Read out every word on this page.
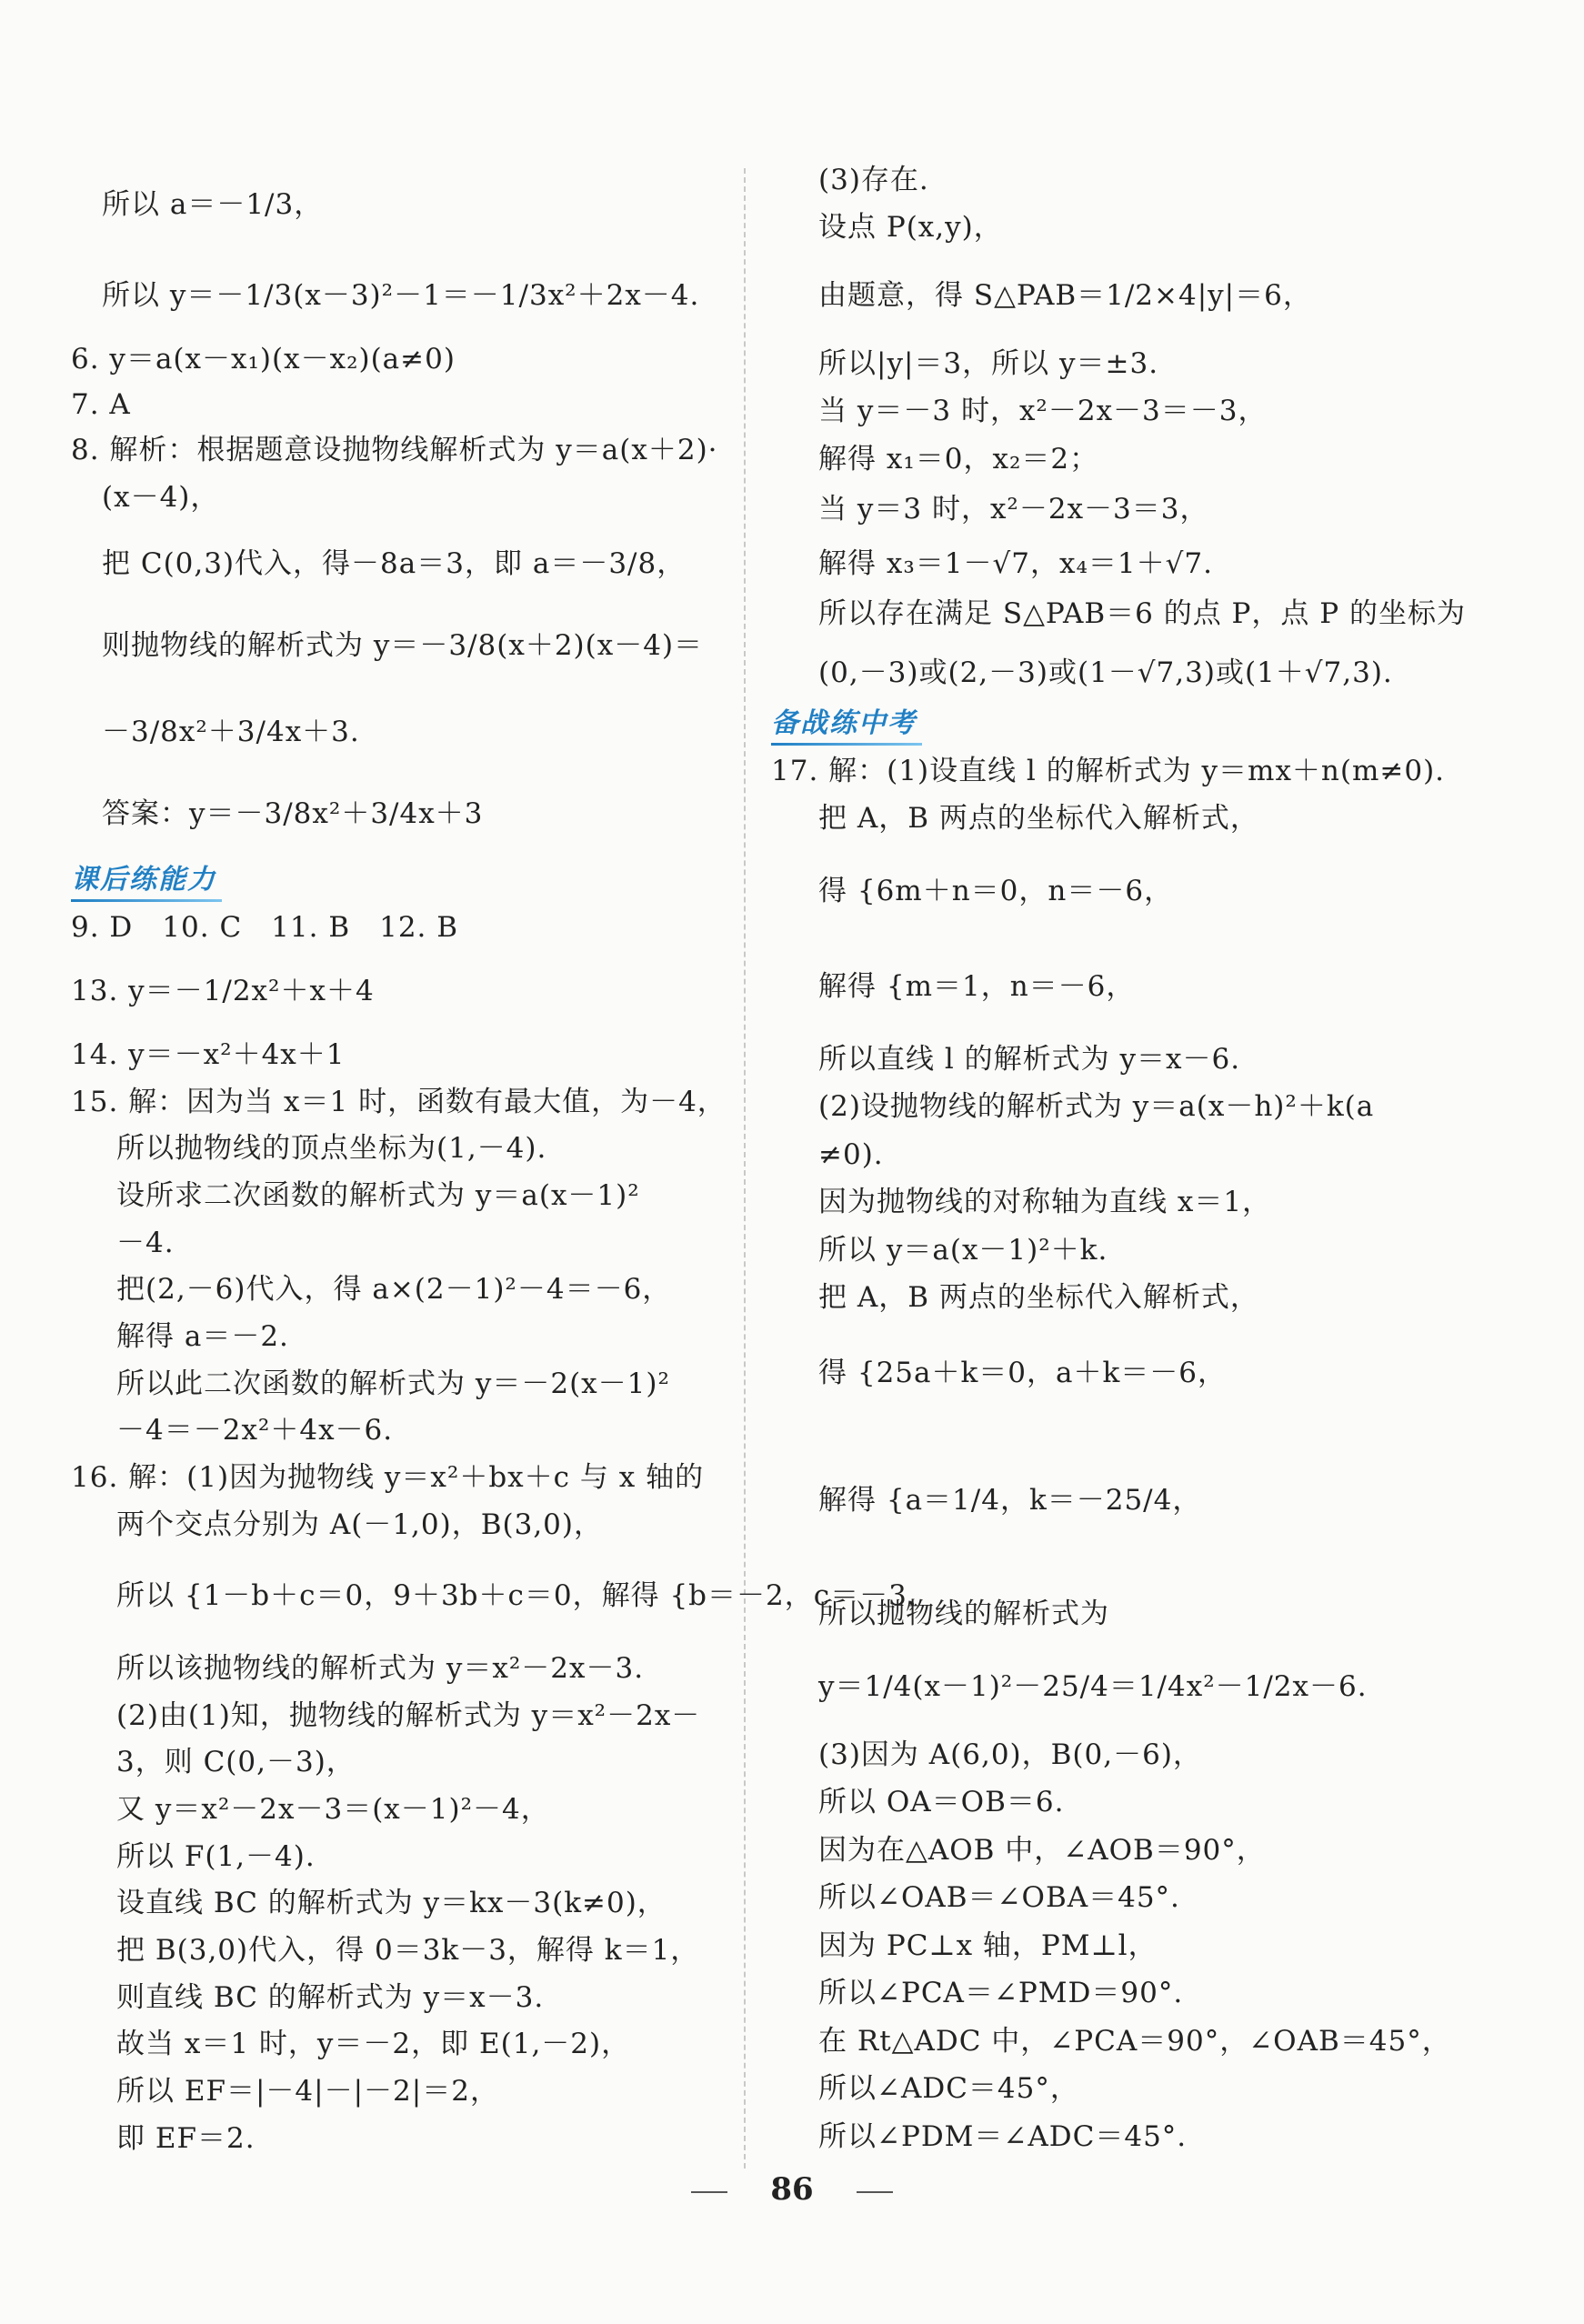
所以 a＝－1/3，
所以 y＝－1/3(x－3)²－1＝－1/3x²＋2x－4.
6. y＝a(x－x₁)(x－x₂)(a≠0)
7. A
8. 解析：根据题意设抛物线解析式为 y＝a(x＋2)·
(x－4)，
把 C(0,3)代入，得－8a＝3，即 a＝－3/8，
则抛物线的解析式为 y＝－3/8(x＋2)(x－4)＝
－3/8x²＋3/4x＋3.
答案：y＝－3/8x²＋3/4x＋3
9. D　10. C　11. B　12. B
13. y＝－1/2x²＋x＋4
14. y＝－x²＋4x＋1
15. 解：因为当 x＝1 时，函数有最大值，为－4，
所以抛物线的顶点坐标为(1,－4).
设所求二次函数的解析式为 y＝a(x－1)²
－4.
把(2,－6)代入，得 a×(2－1)²－4＝－6，
解得 a＝－2.
所以此二次函数的解析式为 y＝－2(x－1)²
－4＝－2x²＋4x－6.
16. 解：(1)因为抛物线 y＝x²＋bx＋c 与 x 轴的
两个交点分别为 A(－1,0)，B(3,0)，
所以 {1－b＋c＝0，9＋3b＋c＝0，解得 {b＝－2，c＝－3，
所以该抛物线的解析式为 y＝x²－2x－3.
(2)由(1)知，抛物线的解析式为 y＝x²－2x－
3，则 C(0,－3)，
又 y＝x²－2x－3＝(x－1)²－4，
所以 F(1,－4).
设直线 BC 的解析式为 y＝kx－3(k≠0)，
把 B(3,0)代入，得 0＝3k－3，解得 k＝1，
则直线 BC 的解析式为 y＝x－3.
故当 x＝1 时，y＝－2，即 E(1,－2)，
所以 EF＝|－4|－|－2|＝2，
即 EF＝2.
课后练能力
(3)存在.
设点 P(x,y)，
由题意，得 S△PAB＝1/2×4|y|＝6，
所以|y|＝3，所以 y＝±3.
当 y＝－3 时，x²－2x－3＝－3，
解得 x₁＝0，x₂＝2；
当 y＝3 时，x²－2x－3＝3，
解得 x₃＝1－√7，x₄＝1＋√7.
所以存在满足 S△PAB＝6 的点 P，点 P 的坐标为
(0,－3)或(2,－3)或(1－√7,3)或(1＋√7,3).
17. 解：(1)设直线 l 的解析式为 y＝mx＋n(m≠0).
把 A，B 两点的坐标代入解析式，
得 {6m＋n＝0，n＝－6，
解得 {m＝1，n＝－6，
所以直线 l 的解析式为 y＝x－6.
(2)设抛物线的解析式为 y＝a(x－h)²＋k(a
≠0).
因为抛物线的对称轴为直线 x＝1，
所以 y＝a(x－1)²＋k.
把 A，B 两点的坐标代入解析式，
得 {25a＋k＝0，a＋k＝－6，
解得 {a＝1/4，k＝－25/4，
所以抛物线的解析式为
y＝1/4(x－1)²－25/4＝1/4x²－1/2x－6.
(3)因为 A(6,0)，B(0,－6)，
所以 OA＝OB＝6.
因为在△AOB 中，∠AOB＝90°，
所以∠OAB＝∠OBA＝45°.
因为 PC⊥x 轴，PM⊥l，
所以∠PCA＝∠PMD＝90°.
在 Rt△ADC 中，∠PCA＝90°，∠OAB＝45°，
所以∠ADC＝45°，
所以∠PDM＝∠ADC＝45°.
备战练中考
86
